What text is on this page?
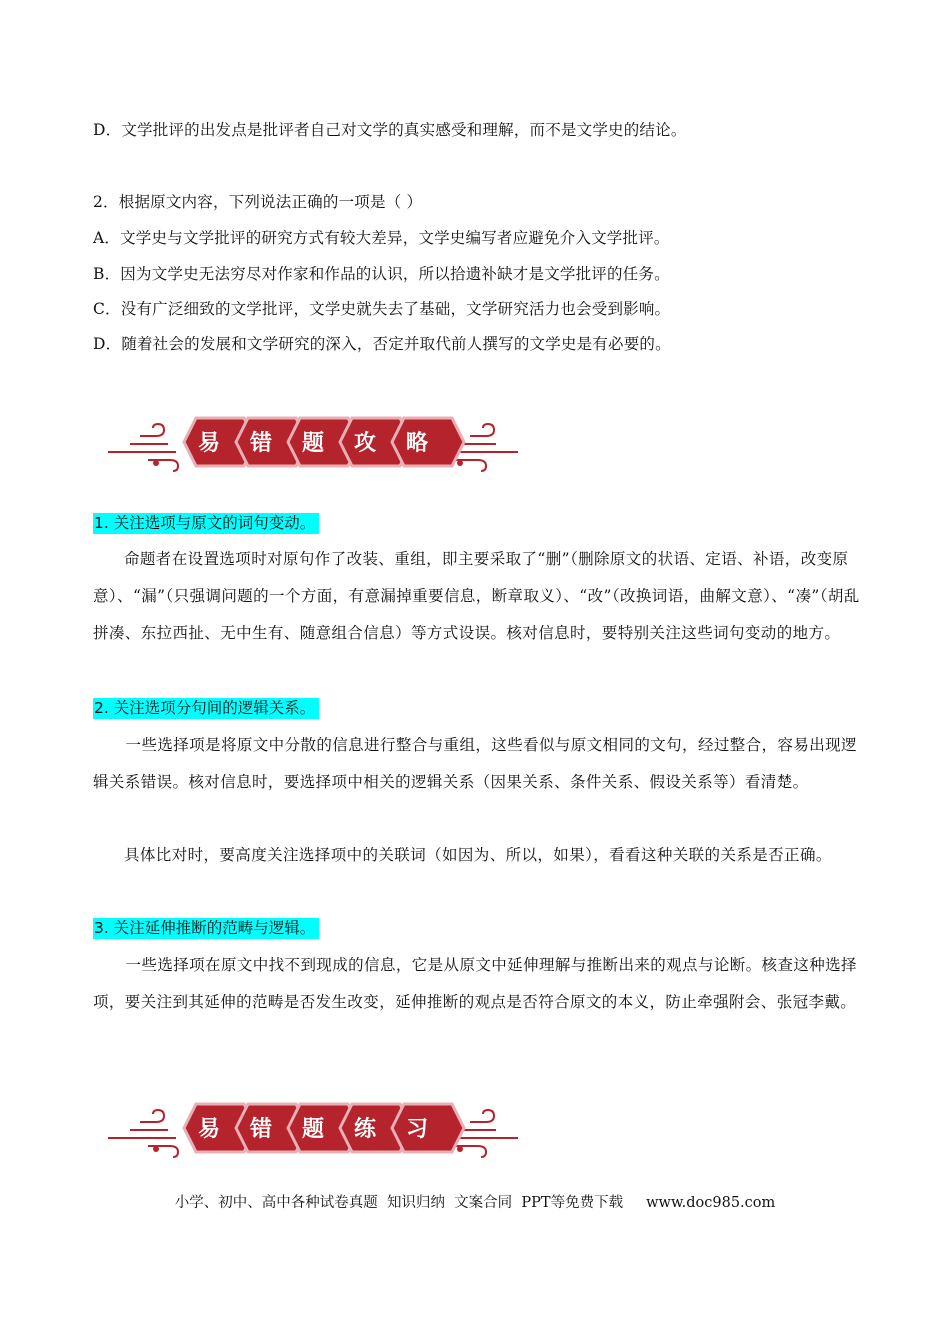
D．文学批评的出发点是批评者自己对文学的真实感受和理解，而不是文学史的结论。
2．根据原文内容，下列说法正确的一项是（ ）
A．文学史与文学批评的研究方式有较大差异，文学史编写者应避免介入文学批评。
B．因为文学史无法穷尽对作家和作品的认识，所以拾遗补缺才是文学批评的任务。
C．没有广泛细致的文学批评，文学史就失去了基础，文学研究活力也会受到影响。
D．随着社会的发展和文学研究的深入，否定并取代前人撰写的文学史是有必要的。
易 错 题 攻 略
1. 关注选项与原文的词句变动。
命题者在设置选项时对原句作了改装、重组，即主要采取了“删”（删除原文的状语、定语、补语，改变原意）、“漏”（只强调问题的一个方面，有意漏掉重要信息，断章取义）、“改”（改换词语，曲解文意）、“凑”（胡乱拼凑、东拉西扯、无中生有、随意组合信息）等方式设误。核对信息时，要特别关注这些词句变动的地方。
2. 关注选项分句间的逻辑关系。
一些选择项是将原文中分散的信息进行整合与重组，这些看似与原文相同的文句，经过整合，容易出现逻辑关系错误。核对信息时，要选择项中相关的逻辑关系（因果关系、条件关系、假设关系等）看清楚。
具体比对时，要高度关注选择项中的关联词（如因为、所以，如果），看看这种关联的关系是否正确。
3. 关注延伸推断的范畴与逻辑。
一些选择项在原文中找不到现成的信息，它是从原文中延伸理解与推断出来的观点与论断。核查这种选择项，要关注到其延伸的范畴是否发生改变，延伸推断的观点是否符合原文的本义，防止牵强附会、张冠李戴。
易 错 题 练 习
小学、初中、高中各种试卷真题  知识归纳  文案合同  PPT等免费下载     www.doc985.com
